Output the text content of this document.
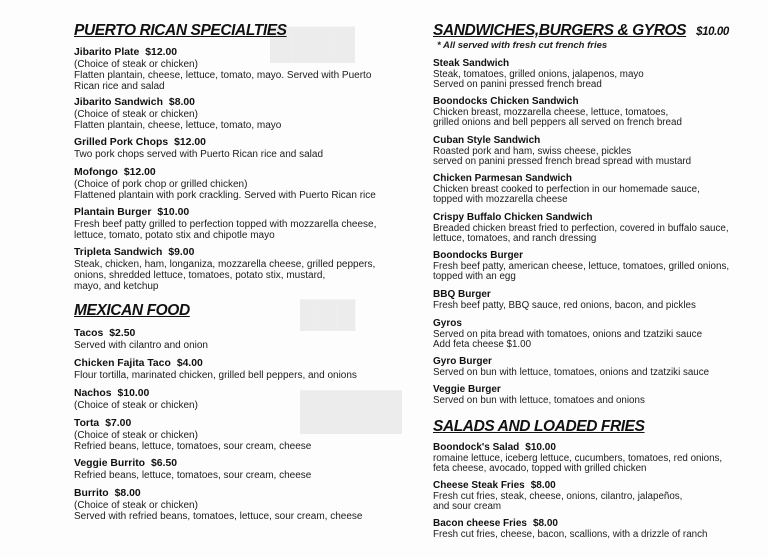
████
███
████
PUERTO RICAN SPECIALTIES
Jibarito Plate $12.00
(Choice of steak or chicken)
Flatten plantain, cheese, lettuce, tomato, mayo. Served with Puerto
Rican rice and salad
Jibarito Sandwich $8.00
(Choice of steak or chicken)
Flatten plantain, cheese, lettuce, tomato, mayo
Grilled Pork Chops $12.00
Two pork chops served with Puerto Rican rice and salad
Mofongo $12.00
(Choice of pork chop or grilled chicken)
Flattened plantain with pork crackling. Served with Puerto Rican rice
Plantain Burger $10.00
Fresh beef patty grilled to perfection topped with mozzarella cheese,
lettuce, tomato, potato stix and chipotle mayo
Tripleta Sandwich $9.00
Steak, chicken, ham, longaniza, mozzarella cheese, grilled peppers,
onions, shredded lettuce, tomatoes, potato stix, mustard,
mayo, and ketchup
MEXICAN FOOD
Tacos $2.50
Served with cilantro and onion
Chicken Fajita Taco $4.00
Flour tortilla, marinated chicken, grilled bell peppers, and onions
Nachos $10.00
(Choice of steak or chicken)
Torta $7.00
(Choice of steak or chicken)
Refried beans, lettuce, tomatoes, sour cream, cheese
Veggie Burrito $6.50
Refried beans, lettuce, tomatoes, sour cream, cheese
Burrito $8.00
(Choice of steak or chicken)
Served with refried beans, tomatoes, lettuce, sour cream, cheese
SANDWICHES,BURGERS & GYROS $10.00
* All served with fresh cut french fries
Steak Sandwich
Steak, tomatoes, grilled onions, jalapenos, mayo
Served on panini pressed french bread
Boondocks Chicken Sandwich
Chicken breast, mozzarella cheese, lettuce, tomatoes,
grilled onions and bell peppers all served on french bread
Cuban Style Sandwich
Roasted pork and ham, swiss cheese, pickles
served on panini pressed french bread spread with mustard
Chicken Parmesan Sandwich
Chicken breast cooked to perfection in our homemade sauce,
topped with mozzarella cheese
Crispy Buffalo Chicken Sandwich
Breaded chicken breast fried to perfection, covered in buffalo sauce,
lettuce, tomatoes, and ranch dressing
Boondocks Burger
Fresh beef patty, american cheese, lettuce, tomatoes, grilled onions,
topped with an egg
BBQ Burger
Fresh beef patty, BBQ sauce, red onions, bacon, and pickles
Gyros
Served on pita bread with tomatoes, onions and tzatziki sauce
Add feta cheese $1.00
Gyro Burger
Served on bun with lettuce, tomatoes, onions and tzatziki sauce
Veggie Burger
Served on bun with lettuce, tomatoes and onions
SALADS AND LOADED FRIES
Boondock's Salad $10.00
romaine lettuce, iceberg lettuce, cucumbers, tomatoes, red onions,
feta cheese, avocado, topped with grilled chicken
Cheese Steak Fries $8.00
Fresh cut fries, steak, cheese, onions, cilantro, jalapeños,
and sour cream
Bacon cheese Fries $8.00
Fresh cut fries, cheese, bacon, scallions, with a drizzle of ranch
